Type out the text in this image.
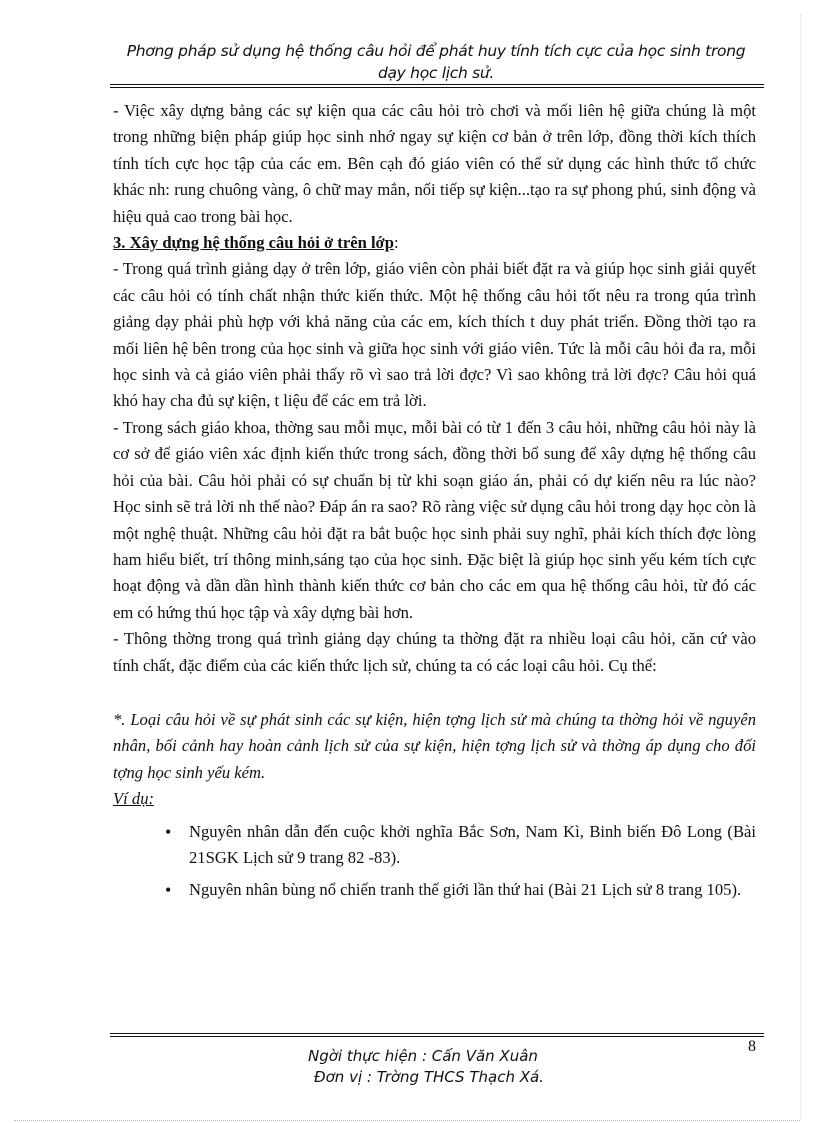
Phơng pháp sử dụng hệ thống câu hỏi để phát huy tính tích cực của học sinh trong
dạy học lịch sử.

- Việc xây dựng bảng các sự kiện qua các câu hỏi trò chơi và mối liên hệ giữa chúng là một trong những biện pháp giúp học sinh nhớ ngay sự kiện cơ bản ở trên lớp, đồng thời kích thích tính tích cực học tập của các em. Bên cạh đó giáo viên có thể sử dụng các hình thức tổ chức khác nh: rung chuông vàng, ô chữ may mắn, nối tiếp sự kiện...tạo ra sự phong phú, sinh động và hiệu quả cao trong bài học.

3. Xây dựng hệ thống câu hỏi ở trên lớp:

- Trong quá trình giảng dạy ở trên lớp, giáo viên còn phải biết đặt ra và giúp học sinh giải quyết các câu hỏi có tính chất nhận thức kiến thức. Một hệ thống câu hỏi tốt nêu ra trong qúa trình giảng dạy phải phù hợp với khả năng của các em, kích thích t duy phát triển. Đồng thời tạo ra mối liên hệ bên trong của học sinh và giữa học sinh với giáo viên. Tức là mỗi câu hỏi đa ra, mỗi học sinh và cả giáo viên phải thấy rõ vì sao trả lời đợc? Vì sao không trả lời đợc? Câu hỏi quá khó hay cha đủ sự kiện, t liệu để các em trả lời.

- Trong sách giáo khoa, thờng sau mỗi mục, mỗi bài có từ 1 đến 3 câu hỏi, những câu hỏi này là cơ sở để giáo viên xác định kiến thức trong sách, đồng thời bổ sung để xây dựng hệ thống câu hỏi của bài. Câu hỏi phải có sự chuẩn bị từ khi soạn giáo án, phải có dự kiến nêu ra lúc nào? Học sinh sẽ trả lời nh thế nào? Đáp án ra sao? Rõ ràng việc sử dụng câu hỏi trong dạy học còn là một nghệ thuật. Những câu hỏi đặt ra bắt buộc học sinh phải suy nghĩ, phải kích thích đợc lòng ham hiểu biết, trí thông minh,sáng tạo của học sinh. Đặc biệt là giúp học sinh yếu kém tích cực hoạt động và dần dần hình thành kiến thức cơ bản cho các em qua hệ thống câu hỏi, từ đó các em có hứng thú học tập và xây dựng bài hơn.

- Thông thờng trong quá trình giảng dạy chúng ta thờng đặt ra nhiều loại câu hỏi, căn cứ vào tính chất, đặc điểm của các kiến thức lịch sử, chúng ta có các loại câu hỏi. Cụ thể:

*. Loại câu hỏi về sự phát sinh các sự kiện, hiện tợng lịch sử mà chúng ta thờng hỏi về nguyên nhân, bối cảnh hay hoàn cảnh lịch sử của sự kiện, hiện tợng lịch sử và thờng áp dụng cho đối tợng học sinh yếu kém.

Ví dụ:

• Nguyên nhân dẫn đến cuộc khởi nghĩa Bắc Sơn, Nam Kì, Binh biến Đô Long (Bài 21SGK Lịch sử 9 trang 82 -83).
• Nguyên nhân bùng nổ chiến tranh thế giới lần thứ hai (Bài 21 Lịch sử 8 trang 105).
Ngời thực hiện : Cấn Văn Xuân
Đơn vị : Trờng THCS Thạch Xá.
8
